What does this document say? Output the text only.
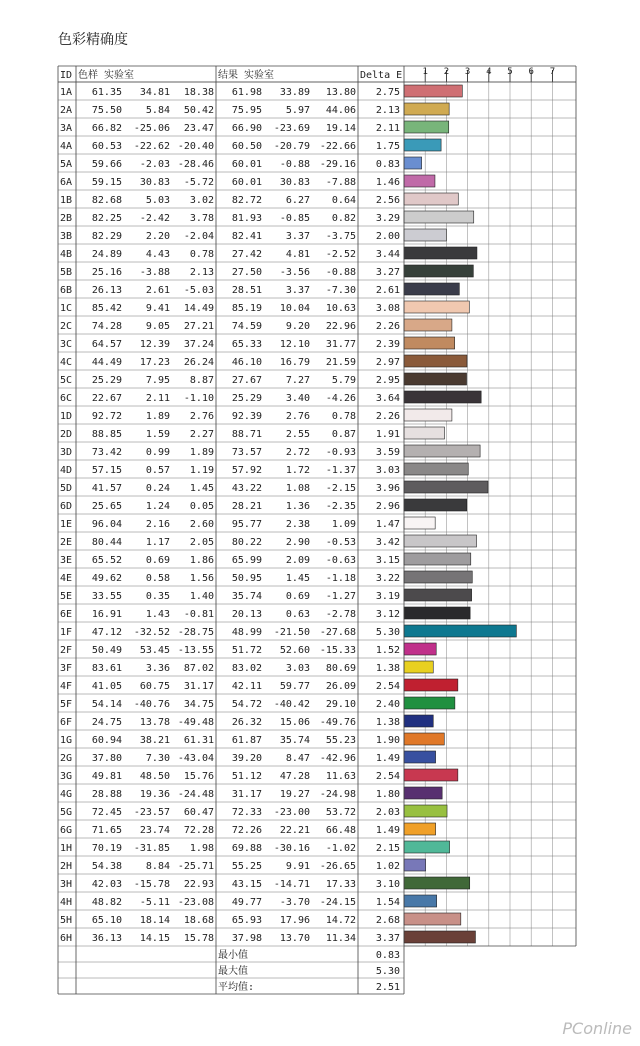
色彩精确度
ID 色样 实验室	结果 实验室	Delta E 1 2 3 4 5 6 7
1A 61.35 34.81 18.38 61.98 33.89 13.80 2.75
2A 75.50 5.84 50.42 75.95 5.97 44.06 2.13
3A 66.82 -25.06 23.47 66.90 -23.69 19.14 2.11
4A 60.53 -22.62 -20.40 60.50 -20.79 -22.66 1.75
5A 59.66 -2.03 -28.46 60.01 -0.88 -29.16 0.83
6A 59.15 30.83 -5.72 60.01 30.83 -7.88 1.46
1B 82.68 5.03 3.02 82.72 6.27 0.64 2.56
2B 82.25 -2.42 3.78 81.93 -0.85 0.82 3.29
3B 82.29 2.20 -2.04 82.41 3.37 -3.75 2.00
4B 24.89 4.43 0.78 27.42 4.81 -2.52 3.44
5B 25.16 -3.88 2.13 27.50 -3.56 -0.88 3.27
6B 26.13 2.61 -5.03 28.51 3.37 -7.30 2.61
1C 85.42 9.41 14.49 85.19 10.04 10.63 3.08
2C 74.28 9.05 27.21 74.59 9.20 22.96 2.26
3C 64.57 12.39 37.24 65.33 12.10 31.77 2.39
4C 44.49 17.23 26.24 46.10 16.79 21.59 2.97
5C 25.29 7.95 8.87 27.67 7.27 5.79 2.95
6C 22.67 2.11 -1.10 25.29 3.40 -4.26 3.64
1D 92.72 1.89 2.76 92.39 2.76 0.78 2.26
2D 88.85 1.59 2.27 88.71 2.55 0.87 1.91
3D 73.42 0.99 1.89 73.57 2.72 -0.93 3.59
4D 57.15 0.57 1.19 57.92 1.72 -1.37 3.03
5D 41.57 0.24 1.45 43.22 1.08 -2.15 3.96
6D 25.65 1.24 0.05 28.21 1.36 -2.35 2.96
1E 96.04 2.16 2.60 95.77 2.38 1.09 1.47
2E 80.44 1.17 2.05 80.22 2.90 -0.53 3.42
3E 65.52 0.69 1.86 65.99 2.09 -0.63 3.15
4E 49.62 0.58 1.56 50.95 1.45 -1.18 3.22
5E 33.55 0.35 1.40 35.74 0.69 -1.27 3.19
6E 16.91 1.43 -0.81 20.13 0.63 -2.78 3.12
1F 47.12 -32.52 -28.75 48.99 -21.50 -27.68 5.30
2F 50.49 53.45 -13.55 51.72 52.60 -15.33 1.52
3F 83.61 3.36 87.02 83.02 3.03 80.69 1.38
4F 41.05 60.75 31.17 42.11 59.77 26.09 2.54
5F 54.14 -40.76 34.75 54.72 -40.42 29.10 2.40
6F 24.75 13.78 -49.48 26.32 15.06 -49.76 1.38
1G 60.94 38.21 61.31 61.87 35.74 55.23 1.90
2G 37.80 7.30 -43.04 39.20 8.47 -42.96 1.49
3G 49.81 48.50 15.76 51.12 47.28 11.63 2.54
4G 28.88 19.36 -24.48 31.17 19.27 -24.98 1.80
5G 72.45 -23.57 60.47 72.33 -23.00 53.72 2.03
6G 71.65 23.74 72.28 72.26 22.21 66.48 1.49
1H 70.19 -31.85 1.98 69.88 -30.16 -1.02 2.15
2H 54.38 8.84 -25.71 55.25 9.91 -26.65 1.02
3H 42.03 -15.78 22.93 43.15 -14.71 17.33 3.10
4H 48.82 -5.11 -23.08 49.77 -3.70 -24.15 1.54
5H 65.10 18.14 18.68 65.93 17.96 14.72 2.68
6H 36.13 14.15 15.78 37.98 13.70 11.34 3.37
最小值	0.83
最大值	5.30
平均值:	2.51
PConline
